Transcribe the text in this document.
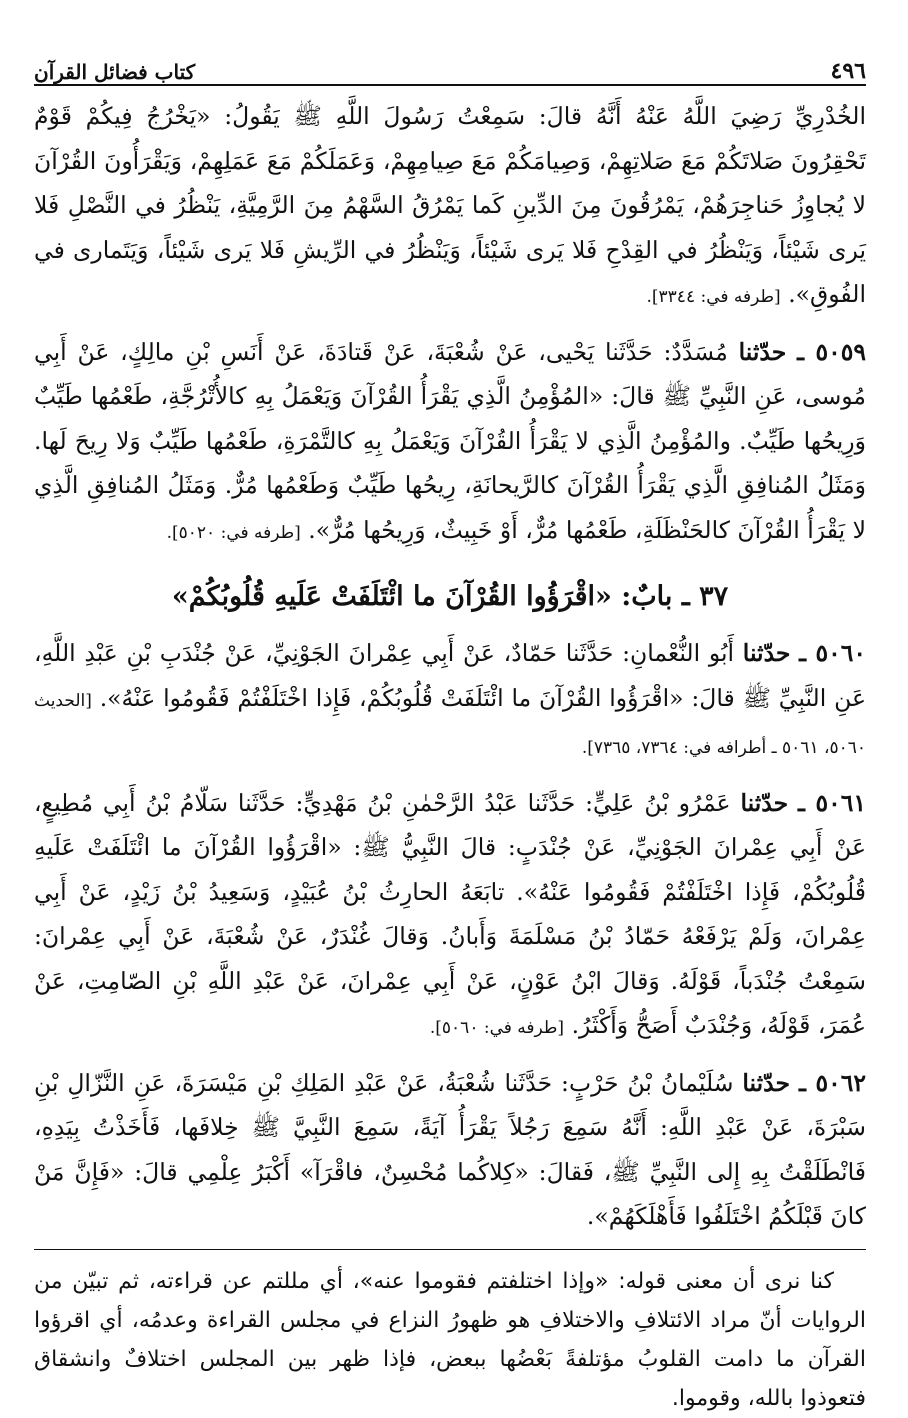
٤٩٦
كتاب فضائل القرآن

الخُدْرِيِّ رَضِيَ اللَّهُ عَنْهُ أَنَّهُ قالَ: سَمِعْتُ رَسُولَ اللَّهِ ﷺ يَقُولُ: «يَخْرُجُ فِيكُمْ قَوْمٌ تَحْقِرُونَ صَلاتَكُمْ مَعَ صَلاتِهِمْ، وَصِيامَكُمْ مَعَ صِيامِهِمْ، وَعَمَلَكُمْ مَعَ عَمَلِهِمْ، وَيَقْرَأُونَ القُرْآنَ لا يُجاوِزُ حَناجِرَهُمْ، يَمْرُقُونَ مِنَ الدِّينِ كَما يَمْرُقُ السَّهْمُ مِنَ الرَّمِيَّةِ، يَنْظُرُ في النَّصْلِ فَلا يَرى شَيْئاً، وَيَنْظُرُ في القِدْحِ فَلا يَرى شَيْئاً، وَيَنْظُرُ في الرِّيشِ فَلا يَرى شَيْئاً، وَيَتَمارى في الفُوقِ». [طرفه في: ٣٣٤٤].

٥٠٥٩ ـ حدّثنا مُسَدَّدٌ: حَدَّثَنا يَحْيى، عَنْ شُعْبَةَ، عَنْ قَتادَةَ، عَنْ أَنَسِ بْنِ مالِكٍ، عَنْ أَبِي مُوسى، عَنِ النَّبِيِّ ﷺ قالَ: «المُؤْمِنُ الَّذِي يَقْرَأُ القُرْآنَ وَيَعْمَلُ بِهِ كالأُتْرُجَّةِ، طَعْمُها طَيِّبٌ وَرِيحُها طَيِّبٌ. والمُؤْمِنُ الَّذِي لا يَقْرَأُ القُرْآنَ وَيَعْمَلُ بِهِ كالتَّمْرَةِ، طَعْمُها طَيِّبٌ وَلا رِيحَ لَها. وَمَثَلُ المُنافِقِ الَّذِي يَقْرَأُ القُرْآنَ كالرَّيحانَةِ، رِيحُها طَيِّبٌ وَطَعْمُها مُرٌّ. وَمَثَلُ المُنافِقِ الَّذِي لا يَقْرَأُ القُرْآنَ كالحَنْظَلَةِ، طَعْمُها مُرٌّ، أَوْ خَبِيثٌ، وَرِيحُها مُرٌّ». [طرفه في: ٥٠٢٠].

٣٧ ـ بابٌ: «اقْرَؤُوا القُرْآنَ ما ائْتَلَفَتْ عَلَيهِ قُلُوبُكُمْ»

٥٠٦٠ ـ حدّثنا أَبُو النُّعْمانِ: حَدَّثَنا حَمّادٌ، عَنْ أَبِي عِمْرانَ الجَوْنِيِّ، عَنْ جُنْدَبِ بْنِ عَبْدِ اللَّهِ، عَنِ النَّبِيِّ ﷺ قالَ: «اقْرَؤُوا القُرْآنَ ما ائْتَلَفَتْ قُلُوبُكُمْ، فَإِذا اخْتَلَفْتُمْ فَقُومُوا عَنْهُ». [الحديث ٥٠٦٠، ٥٠٦١ ـ أطرافه في: ٧٣٦٤، ٧٣٦٥].

٥٠٦١ ـ حدّثنا عَمْرُو بْنُ عَلِيٍّ: حَدَّثَنا عَبْدُ الرَّحْمٰنِ بْنُ مَهْدِيٍّ: حَدَّثَنا سَلّامُ بْنُ أَبِي مُطِيعٍ، عَنْ أَبِي عِمْرانَ الجَوْنِيِّ، عَنْ جُنْدَبٍ: قالَ النَّبِيُّ ﷺ: «اقْرَؤُوا القُرْآنَ ما ائْتَلَفَتْ عَلَيهِ قُلُوبُكُمْ، فَإِذا اخْتَلَفْتُمْ فَقُومُوا عَنْهُ». تابَعَهُ الحارِثُ بْنُ عُبَيْدٍ، وَسَعِيدُ بْنُ زَيْدٍ، عَنْ أَبِي عِمْرانَ، وَلَمْ يَرْفَعْهُ حَمّادُ بْنُ مَسْلَمَةَ وَأَبانُ. وَقالَ غُنْدَرٌ، عَنْ شُعْبَةَ، عَنْ أَبِي عِمْرانَ: سَمِعْتُ جُنْدَباً، قَوْلَهُ. وَقالَ ابْنُ عَوْنٍ، عَنْ أَبِي عِمْرانَ، عَنْ عَبْدِ اللَّهِ بْنِ الصّامِتِ، عَنْ عُمَرَ، قَوْلَهُ، وَجُنْدَبٌ أَصَحُّ وَأَكْثَرُ. [طرفه في: ٥٠٦٠].

٥٠٦٢ ـ حدّثنا سُلَيْمانُ بْنُ حَرْبٍ: حَدَّثَنا شُعْبَةُ، عَنْ عَبْدِ المَلِكِ بْنِ مَيْسَرَةَ، عَنِ النَّزّالِ بْنِ سَبْرَةَ، عَنْ عَبْدِ اللَّهِ: أَنَّهُ سَمِعَ رَجُلاً يَقْرَأُ آيَةً، سَمِعَ النَّبِيَّ ﷺ خِلافَها، فَأَخَذْتُ بِيَدِهِ، فَانْطَلَقْتُ بِهِ إِلى النَّبِيِّ ﷺ، فَقالَ: «كِلاكُما مُحْسِنٌ، فاقْرَآ» أَكْبَرُ عِلْمِي قالَ: «فَإِنَّ مَنْ كانَ قَبْلَكُمُ اخْتَلَفُوا فَأَهْلَكَهُمْ».

كنا نرى أن معنى قوله: «وإذا اختلفتم فقوموا عنه»، أي مللتم عن قراءته، ثم تبيّن من الروايات أنّ مراد الائتلافِ والاختلافِ هو ظهورُ النزاع في مجلس القراءة وعدمُه، أي اقرؤوا القرآن ما دامت القلوبُ مؤتلفةً بَعْضُها ببعض، فإذا ظهر بين المجلس اختلافٌ وانشقاق فتعوذوا بالله، وقوموا.
